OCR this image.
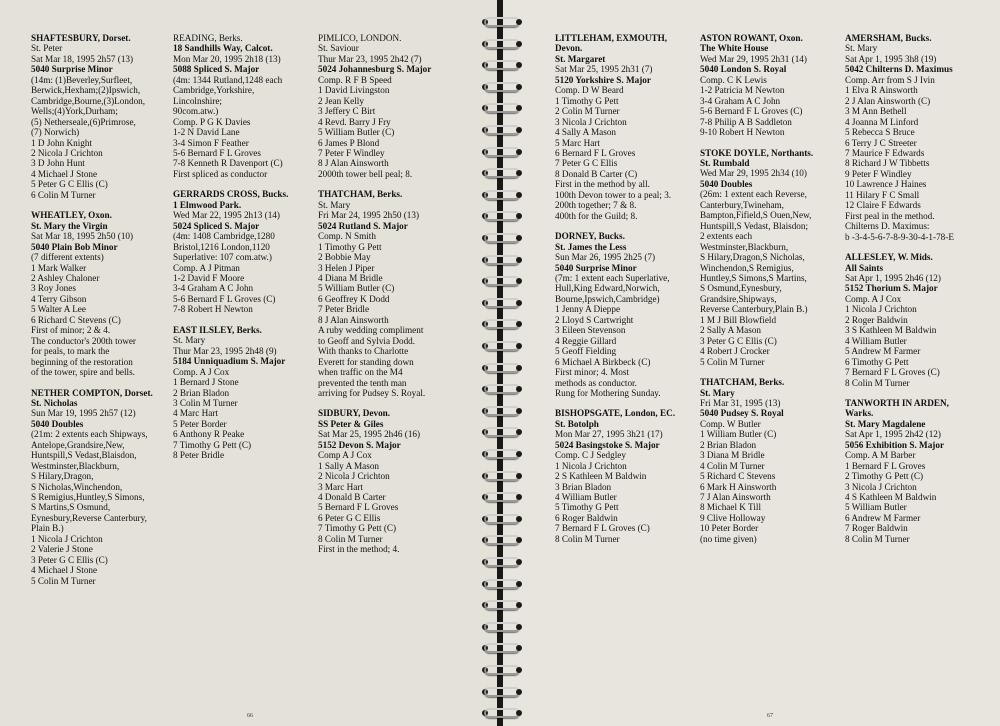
SHAFTESBURY, Dorset.
St. Peter
Sat Mar 18, 1995 2h57 (13)
5040 Surprise Minor
(14m: (1)Beverley,Surfleet,
Berwick,Hexham;(2)Ipswich,
Cambridge,Bourne,(3)London,
Wells;(4)York,Durham;
(5) Netherseale,(6)Primrose,
(7) Norwich)
1 D John Knight
2 Nicola J Crichton
3 D John Hunt
4 Michael J Stone
5 Peter G C Ellis (C)
6 Colin M Turner
WHEATLEY, Oxon.
St. Mary the Virgin
Sat Mar 18, 1995 2h50 (10)
5040 Plain Bob Minor
(7 different extents)
1 Mark Walker
2 Ashley Chaloner
3 Roy Jones
4 Terry Gibson
5 Walter A Lee
6 Richard C Stevens (C)
First of minor; 2 & 4.
The conductor's 200th tower
for peals, to mark the
beginning of the restoration
of the tower, spire and bells.
NETHER COMPTON, Dorset.
St. Nicholas
Sun Mar 19, 1995 2h57 (12)
5040 Doubles
(21m: 2 extents each Shipways,
Antelope,Grandsire,New,
Huntspill,S Vedast,Blaisdon,
Westminster,Blackburn,
S Hilary,Dragon,
S Nicholas,Winchendon,
S Remigius,Huntley,S Simons,
S Martins,S Osmund,
Eynesbury,Reverse Canterbury,
Plain B.)
1 Nicola J Crichton
2 Valerie J Stone
3 Peter G C Ellis (C)
4 Michael J Stone
5 Colin M Turner
READING, Berks.
18 Sandhills Way, Calcot.
Mon Mar 20, 1995 2h18 (13)
5088 Spliced S. Major
(4m: 1344 Rutland,1248 each
Cambridge,Yorkshire,
Lincolnshire;
90com.atw.)
Comp. P G K Davies
1-2 N David Lane
3-4 Simon F Feather
5-6 Bernard F L Groves
7-8 Kenneth R Davenport (C)
First spliced as conductor
GERRARDS CROSS, Bucks.
1 Elmwood Park.
Wed Mar 22, 1995 2h13 (14)
5024 Spliced S. Major
(4m: 1408 Cambridge,1280
Bristol,1216 London,1120
Superlative: 107 com.atw.)
Comp. A J Pitman
1-2 David F Moore
3-4 Graham A C John
5-6 Bernard F L Groves (C)
7-8 Robert H Newton
EAST ILSLEY, Berks.
St. Mary
Thur Mar 23, 1995 2h48 (9)
5184 Unniquadium S. Major
Comp. A J Cox
1 Bernard J Stone
2 Brian Bladon
3 Colin M Turner
4 Marc Hart
5 Peter Border
6 Anthony R Peake
7 Timothy G Pett (C)
8 Peter Bridle
PIMLICO, LONDON.
St. Saviour
Thur Mar 23, 1995 2h42 (7)
5024 Johannesburg S. Major
Comp. R F B Speed
1 David Livingston
2 Jean Kelly
3 Jeffery C Birt
4 Revd. Barry J Fry
5 William Butler (C)
6 James P Blond
7 Peter F Windley
8 J Alan Ainsworth
2000th tower bell peal; 8.
THATCHAM, Berks.
St. Mary
Fri Mar 24, 1995 2h50 (13)
5024 Rutland S. Major
Comp. N Smith
1 Timothy G Pett
2 Bobbie May
3 Helen J Piper
4 Diana M Bridle
5 William Butler (C)
6 Geoffrey K Dodd
7 Peter Bridle
8 J Alan Ainsworth
A ruby wedding compliment
to Geoff and Sylvia Dodd.
With thanks to Charlotte
Everett for standing down
when traffic on the M4
prevented the tenth man
arriving for Pudsey S. Royal.
SIDBURY, Devon.
SS Peter & Giles
Sat Mar 25, 1995 2h46 (16)
5152 Devon S. Major
Comp A J Cox
1 Sally A Mason
2 Nicola J Crichton
3 Marc Hart
4 Donald B Carter
5 Bernard F L Groves
6 Peter G C Ellis
7 Timothy G Pett (C)
8 Colin M Turner
First in the method; 4.
66
LITTLEHAM, EXMOUTH,
Devon.
St. Margaret
Sat Mar 25, 1995 2h31 (7)
5120 Yorkshire S. Major
Comp. D W Beard
1 Timothy G Pett
2 Colin M Turner
3 Nicola J Crichton
4 Sally A Mason
5 Marc Hart
6 Bernard F L Groves
7 Peter G C Ellis
8 Donald B Carter (C)
First in the method by all.
100th Devon tower to a peal; 3.
200th together; 7 & 8.
400th for the Guild; 8.
DORNEY, Bucks.
St. James the Less
Sun Mar 26, 1995 2h25 (7)
5040 Surprise Minor
(7m: 1 extent each Superlative,
Hull,King Edward,Norwich,
Bourne,Ipswich,Cambridge)
1 Jenny A Dieppe
2 Lloyd S Cartwright
3 Eileen Stevenson
4 Reggie Gillard
5 Geoff Fielding
6 Michael A Birkbeck (C)
First minor; 4. Most
methods as conductor.
Rung for Mothering Sunday.
BISHOPSGATE, London, EC.
St. Botolph
Mon Mar 27, 1995 3h21 (17)
5024 Basingstoke S. Major
Comp. C J Sedgley
1 Nicola J Crichton
2 S Kathleen M Baldwin
3 Brian Bladon
4 William Butler
5 Timothy G Pett
6 Roger Baldwin
7 Bernard F L Groves (C)
8 Colin M Turner
ASTON ROWANT, Oxon.
The White House
Wed Mar 29, 1995 2h31 (14)
5040 London S. Royal
Comp. C K Lewis
1-2 Patricia M Newton
3-4 Graham A C John
5-6 Bernard F L Groves (C)
7-8 Philip A B Saddleton
9-10 Robert H Newton
STOKE DOYLE, Northants.
St. Rumbald
Wed Mar 29, 1995 2h34 (10)
5040 Doubles
(26m: 1 extent each Reverse,
Canterbury,Twineham,
Bampton,Fifield,S Ouen,New,
Huntspill,S Vedast, Blaisdon;
2 extents each
Westminster,Blackburn,
S Hilary,Dragon,S Nicholas,
Winchendon,S Remigius,
Huntley,S Simons,S Martins,
S Osmund,Eynesbury,
Grandsire,Shipways,
Reverse Canterbury,Plain B.)
1 M J Bill Blowfield
2 Sally A Mason
3 Peter G C Ellis (C)
4 Robert J Crocker
5 Colin M Turner
THATCHAM, Berks.
St. Mary
Fri Mar 31, 1995 (13)
5040 Pudsey S. Royal
Comp. W Butler
1 William Butler (C)
2 Brian Bladon
3 Diana M Bridle
4 Colin M Turner
5 Richard C Stevens
6 Mark H Ainsworth
7 J Alan Ainsworth
8 Michael K Till
9 Clive Holloway
10 Peter Border
(no time given)
AMERSHAM, Bucks.
St. Mary
Sat Apr 1, 1995 3h8 (19)
5042 Chilterns D. Maximus
Comp. Arr from S J Ivin
1 Elva R Ainsworth
2 J Alan Ainsworth (C)
3 M Ann Bethell
4 Joanna M Linford
5 Rebecca S Bruce
6 Terry J C Streeter
7 Maurice F Edwards
8 Richard J W Tibbetts
9 Peter F Windley
10 Lawrence J Haines
11 Hilary F C Small
12 Claire F Edwards
First peal in the method.
Chilterns D. Maximus:
b -3-4-5-6-7-8-9-30-4-1-78-E
ALLESLEY, W. Mids.
All Saints
Sat Apr 1, 1995 2h46 (12)
5152 Thorium S. Major
Comp. A J Cox
1 Nicola J Crichton
2 Roger Baldwin
3 S Kathleen M Baldwin
4 William Butler
5 Andrew M Farmer
6 Timothy G Pett
7 Bernard F L Groves (C)
8 Colin M Turner
TANWORTH IN ARDEN,
Warks.
St. Mary Magdalene
Sat Apr 1, 1995 2h42 (12)
5056 Exhibition S. Major
Comp. A M Barber
1 Bernard F L Groves
2 Timothy G Pett (C)
3 Nicola J Crichton
4 S Kathleen M Baldwin
5 William Butler
6 Andrew M Farmer
7 Roger Baldwin
8 Colin M Turner
67
